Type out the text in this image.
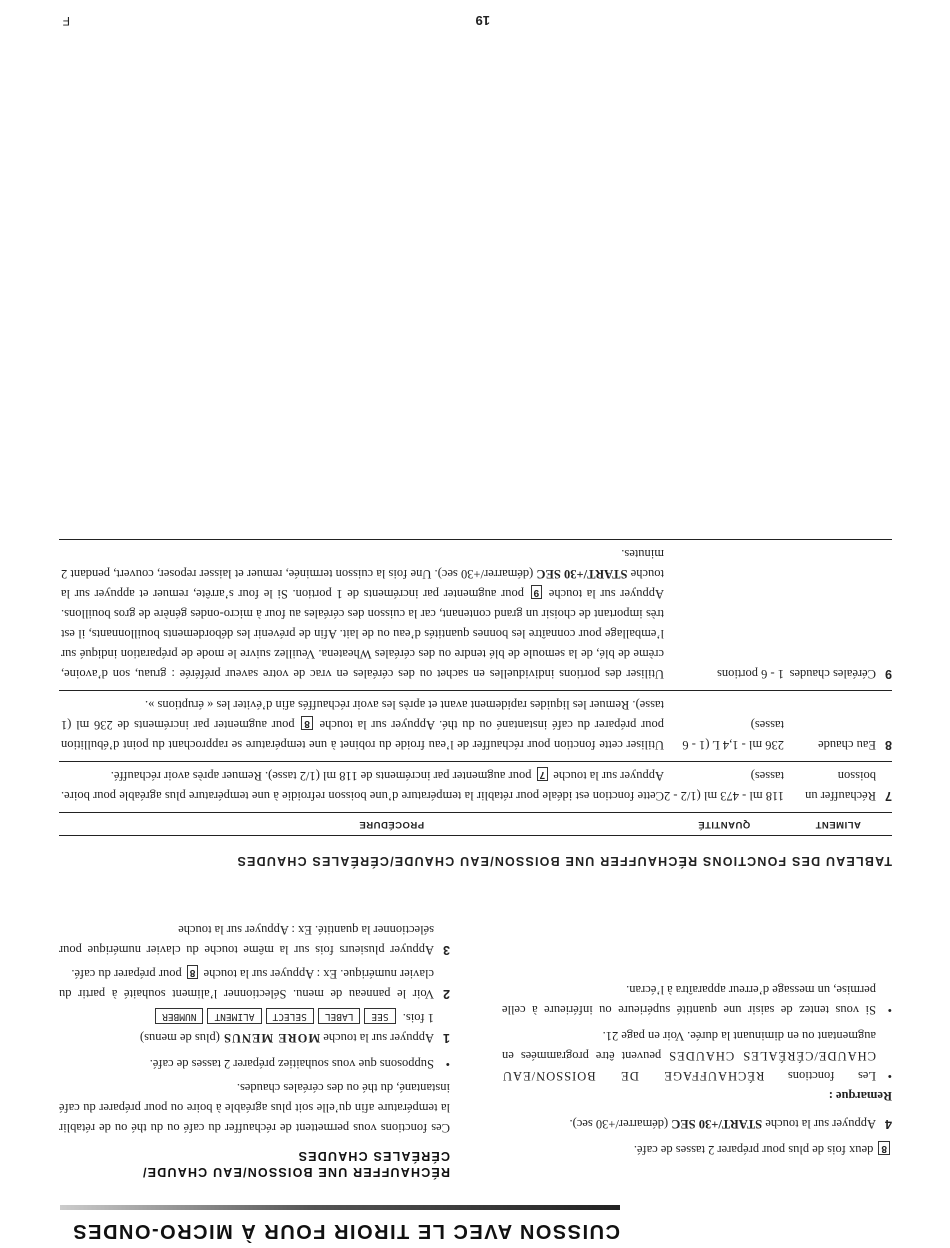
CUISSON AVEC LE TIROIR FOUR À MICRO-ONDES
RÉCHAUFFER UNE BOISSON/EAU CHAUDE/
CÉRÉALES CHAUDES

Ces fonctions vous permettent de réchauffer du café ou du thé ou de rétablir la température afin qu’elle soit plus agréable à boire ou pour préparer du café instantané, du thé ou des céréales chaudes.

•
Supposons que vous souhaitiez préparer 2 tasses de café.
1
Appuyer sur la touche MORE MENUS (plus de menus)
1 fois. SEELABELSELECTALIMENTNUMBER
2
Voir le panneau de menu. Sélectionner l’aliment souhaité à partir du clavier numérique. Ex : Appuyer sur la touche 8 pour préparer du café.
3
Appuyer plusieurs fois sur la même touche du clavier numérique pour sélectionner la quantité. Ex : Appuyer sur la touche
8 deux fois de plus pour préparer 2 tasses de café.
4
Appuyer sur la touche START/+30 SEC (démarrer/+30 sec).
Remarque :
•
Les fonctions RÉCHAUFFAGE DE BOISSON/EAU CHAUDE/CÉRÉALES CHAUDES peuvent être programmées en augmentant ou en diminuant la durée. Voir en page 21.
•
Si vous tentez de saisir une quantité supérieure ou inférieure à celle permise, un message d’erreur apparaîtra à l’écran.
TABLEAU DES FONCTIONS RÉCHAUFFER UNE BOISSON/EAU CHAUDE/CÉRÉALES CHAUDES
ALIMENT
QUANTITÉ
PROCÉDURE
7
Réchauffer un boisson
118 ml - 473 ml (1/2 - 2 tasses)
Cette fonction est idéale pour rétablir la température d’une boisson refroidie à une température plus agréable pour boire. Appuyer sur la touche 7 pour augmenter par incréments de 118 ml (1/2 tasse). Remuer après avoir réchauffé.
8
Eau chaude
236 ml - 1,4 L (1 - 6 tasses)
Utiliser cette fonction pour réchauffer de l’eau froide du robinet à une température se rapprochant du point d’ébullition pour préparer du café instantané ou du thé. Appuyer sur la touche 8 pour augmenter par incréments de 236 ml (1 tasse). Remuer les liquides rapidement avant et après les avoir réchauffés afin d’éviter les « éruptions ».
9
Céréales chaudes
1 - 6 portions
Utiliser des portions individuelles en sachet ou des céréales en vrac de votre saveur préférée : gruau, son d’avoine, crème de blé, de la semoule de blé tendre ou des céréales Wheatena. Veuillez suivre le mode de préparation indiqué sur l’emballage pour connaître les bonnes quantités d’eau ou de lait. Afin de prévenir les débordements bouillonnants, il est très important de choisir un grand contenant, car la cuisson des céréales au four à micro-ondes génère de gros bouillons. Appuyer sur la touche 9 pour augmenter par incréments de 1 portion. Si le four s’arrête, remuer et appuyer sur la touche START/+30 SEC (démarrer/+30 sec). Une fois la cuisson terminée, remuer et laisser reposer, couvert, pendant 2 minutes.
19
F
